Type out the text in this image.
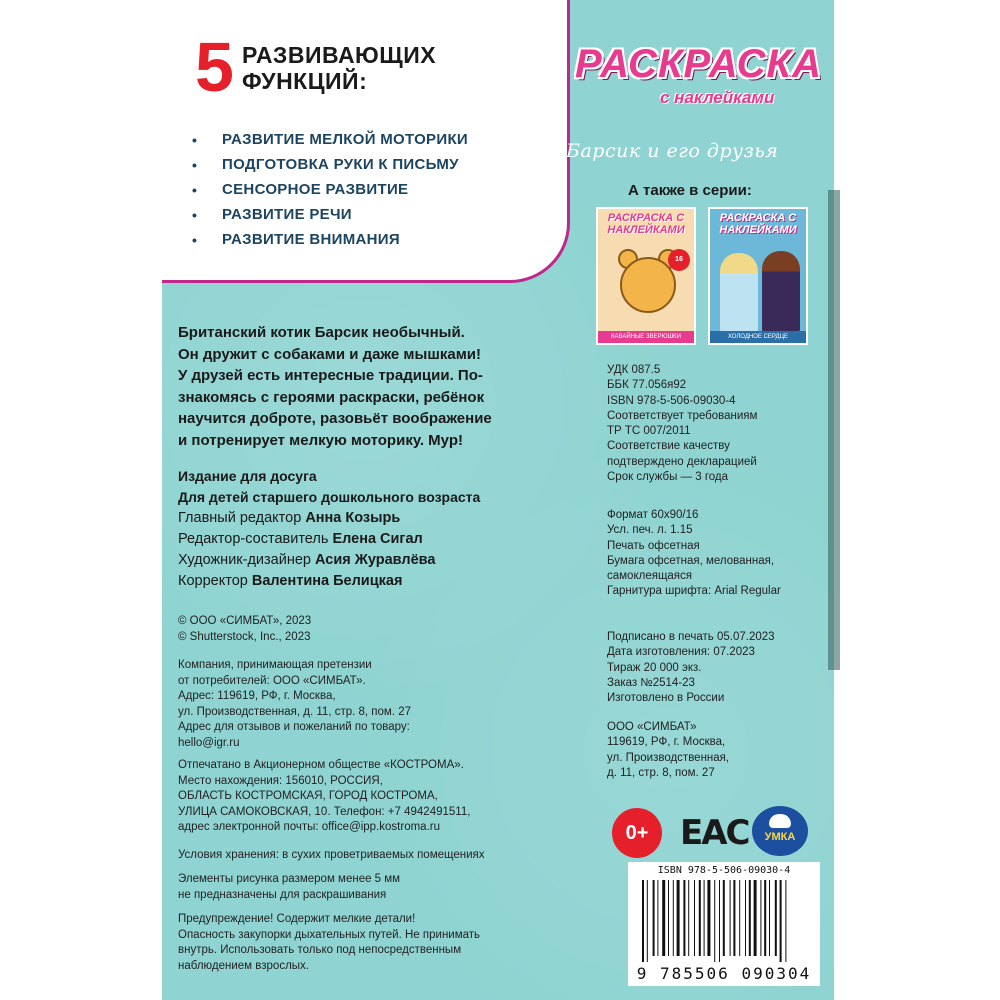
5 РАЗВИВАЮЩИХ
ФУНКЦИЙ:
•	РАЗВИТИЕ МЕЛКОЙ МОТОРИКИ
•	ПОДГОТОВКА РУКИ К ПИСЬМУ
•	СЕНСОРНОЕ РАЗВИТИЕ
•	РАЗВИТИЕ РЕЧИ
•	РАЗВИТИЕ ВНИМАНИЯ
РАСКРАСКА
с наклейками
Барсик и его друзья
А также в серии:
РАСКРАСКА С НАКЛЕЙКАМИ
16
КАВАЙНЫЕ ЗВЕРЮШКИ
РАСКРАСКА С НАКЛЕЙКАМИ
ХОЛОДНОЕ СЕРДЦЕ
Британский котик Барсик необычный.
Он дружит с собаками и даже мышками!
У друзей есть интересные традиции. По-
знакомясь с героями раскраски, ребёнок
научится доброте, разовьёт воображение
и потренирует мелкую моторику. Мур!
Издание для досуга
Для детей старшего дошкольного возраста
Главный редактор Анна Козырь
Редактор-составитель Елена Сигал
Художник-дизайнер Асия Журавлёва
Корректор Валентина Белицкая
© ООО «СИМБАТ», 2023
© Shutterstock, Inc., 2023
Компания, принимающая претензии
от потребителей: ООО «СИМБАТ».
Адрес: 119619, РФ, г. Москва,
ул. Производственная, д. 11, стр. 8, пом. 27
Адрес для отзывов и пожеланий по товару:
hello@igr.ru
Отпечатано в Акционерном обществе «КОСТРОМА».
Место нахождения: 156010, РОССИЯ,
ОБЛАСТЬ КОСТРОМСКАЯ, ГОРОД КОСТРОМА,
УЛИЦА САМОКОВСКАЯ, 10. Телефон: +7 4942491511,
адрес электронной почты: office@ipp.kostroma.ru
Условия хранения: в сухих проветриваемых помещениях
Элементы рисунка размером менее 5 мм
не предназначены для раскрашивания
Предупреждение! Содержит мелкие детали!
Опасность закупорки дыхательных путей. Не принимать
внутрь. Использовать только под непосредственным
наблюдением взрослых.
УДК 087.5
ББК 77.056я92
ISBN 978-5-506-09030-4
Соответствует требованиям
ТР ТС 007/2011
Соответствие качеству
подтверждено декларацией
Срок службы — 3 года
Формат 60х90/16
Усл. печ. л. 1.15
Печать офсетная
Бумага офсетная, мелованная,
самоклеящаяся
Гарнитура шрифта: Arial Regular
Подписано в печать 05.07.2023
Дата изготовления: 07.2023
Тираж 20 000 экз.
Заказ №2514-23
Изготовлено в России
ООО «СИМБАТ»
119619, РФ, г. Москва,
ул. Производственная,
д. 11, стр. 8, пом. 27
0+ EAC	УМКА
ISBN 978-5-506-09030-4
9 785506 090304
